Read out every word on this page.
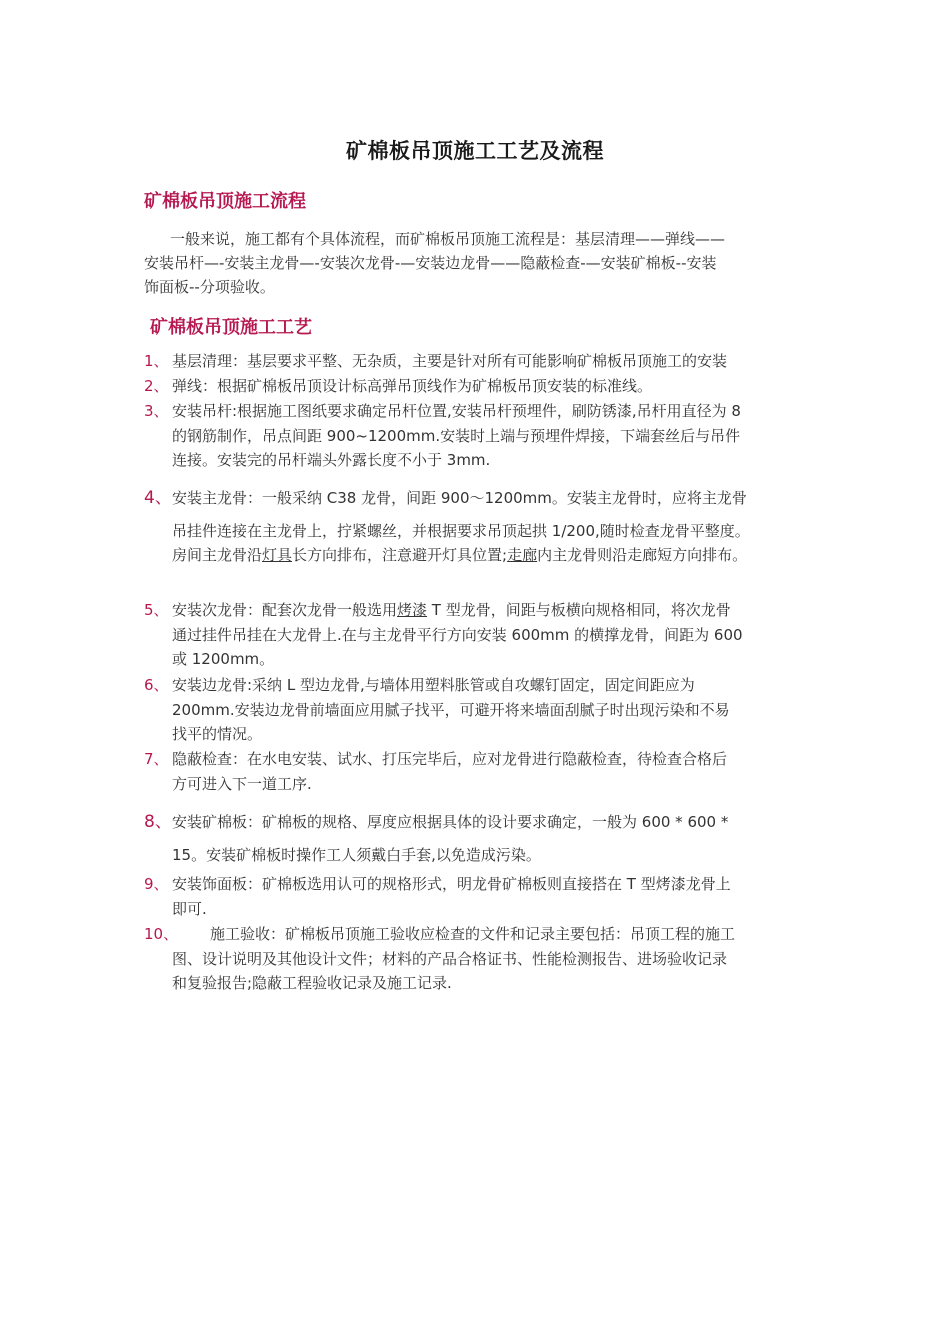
矿棉板吊顶施工工艺及流程
矿棉板吊顶施工流程
一般来说，施工都有个具体流程，而矿棉板吊顶施工流程是：基层清理——弹线——
安装吊杆—-安装主龙骨—-安装次龙骨-—安装边龙骨——隐蔽检查-—安装矿棉板--安装
饰面板--分项验收。
矿棉板吊顶施工工艺
1、 基层清理：基层要求平整、无杂质，主要是针对所有可能影响矿棉板吊顶施工的安装
2、 弹线：根据矿棉板吊顶设计标高弹吊顶线作为矿棉板吊顶安装的标准线。
3、 安装吊杆:根据施工图纸要求确定吊杆位置,安装吊杆预埋件，刷防锈漆,吊杆用直径为 8
的钢筋制作，吊点间距 900~1200mm.安装时上端与预埋件焊接，下端套丝后与吊件
连接。安装完的吊杆端头外露长度不小于 3mm.
4、 安装主龙骨：一般采纳 C38 龙骨，间距 900～1200mm。安装主龙骨时，应将主龙骨
吊挂件连接在主龙骨上，拧紧螺丝，并根据要求吊顶起拱 1/200,随时检查龙骨平整度。
房间主龙骨沿灯具长方向排布，注意避开灯具位置;走廊内主龙骨则沿走廊短方向排布。
5、 安装次龙骨：配套次龙骨一般选用烤漆 T 型龙骨，间距与板横向规格相同，将次龙骨
通过挂件吊挂在大龙骨上.在与主龙骨平行方向安装 600mm 的横撑龙骨，间距为 600
或 1200mm。
6、 安装边龙骨:采纳 L 型边龙骨,与墙体用塑料胀管或自攻螺钉固定，固定间距应为
200mm.安装边龙骨前墙面应用腻子找平，可避开将来墙面刮腻子时出现污染和不易
找平的情况。
7、 隐蔽检查：在水电安装、试水、打压完毕后，应对龙骨进行隐蔽检查，待检查合格后
方可进入下一道工序.
8、 安装矿棉板：矿棉板的规格、厚度应根据具体的设计要求确定，一般为 600 * 600 *
15。安装矿棉板时操作工人须戴白手套,以免造成污染。
9、 安装饰面板：矿棉板选用认可的规格形式，明龙骨矿棉板则直接搭在 T 型烤漆龙骨上
即可.
10、	施工验收：矿棉板吊顶施工验收应检查的文件和记录主要包括：吊顶工程的施工
图、设计说明及其他设计文件；材料的产品合格证书、性能检测报告、进场验收记录
和复验报告;隐蔽工程验收记录及施工记录.
